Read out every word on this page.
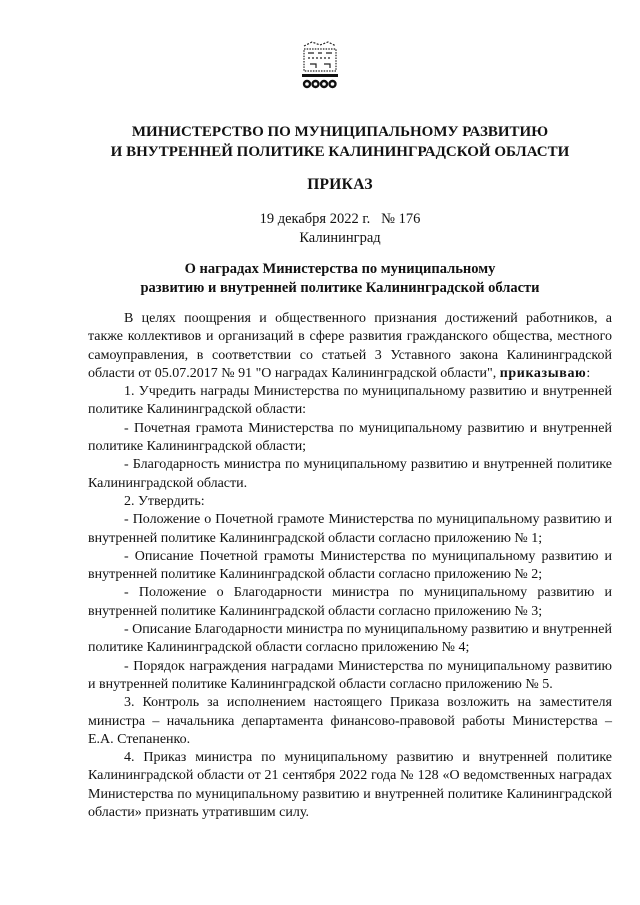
МИНИСТЕРСТВО ПО МУНИЦИПАЛЬНОМУ РАЗВИТИЮ
И ВНУТРЕННЕЙ ПОЛИТИКЕ КАЛИНИНГРАДСКОЙ ОБЛАСТИ
ПРИКАЗ
19 декабря 2022 г.   № 176
Калининград
О наградах Министерства по муниципальному
развитию и внутренней политике Калининградской области

В целях поощрения и общественного признания достижений работников, а также коллективов и организаций в сфере развития гражданского общества, местного самоуправления, в соответствии со статьей 3 Уставного закона Калининградской области от 05.07.2017 № 91 "О наградах Калининградской области", приказываю:

1. Учредить награды Министерства по муниципальному развитию и внутренней политике Калининградской области:

- Почетная грамота Министерства по муниципальному развитию и внутренней политике Калининградской области;

- Благодарность министра по муниципальному развитию и внутренней политике Калининградской области.

2. Утвердить:

- Положение о Почетной грамоте Министерства по муниципальному развитию и внутренней политике Калининградской области согласно приложению № 1;

- Описание Почетной грамоты Министерства по муниципальному развитию и внутренней политике Калининградской области согласно приложению № 2;

- Положение о Благодарности министра по муниципальному развитию и внутренней политике Калининградской области согласно приложению № 3;

- Описание Благодарности министра по муниципальному развитию и внутренней политике Калининградской области согласно приложению № 4;

- Порядок награждения наградами Министерства по муниципальному развитию и внутренней политике Калининградской области согласно приложению № 5.

3. Контроль за исполнением настоящего Приказа возложить на заместителя министра – начальника департамента финансово-правовой работы Министерства – Е.А. Степаненко.

4. Приказ министра по муниципальному развитию и внутренней политике Калининградской области от 21 сентября 2022 года № 128 «О ведомственных наградах Министерства по муниципальному развитию и внутренней политике Калининградской области» признать утратившим силу.
